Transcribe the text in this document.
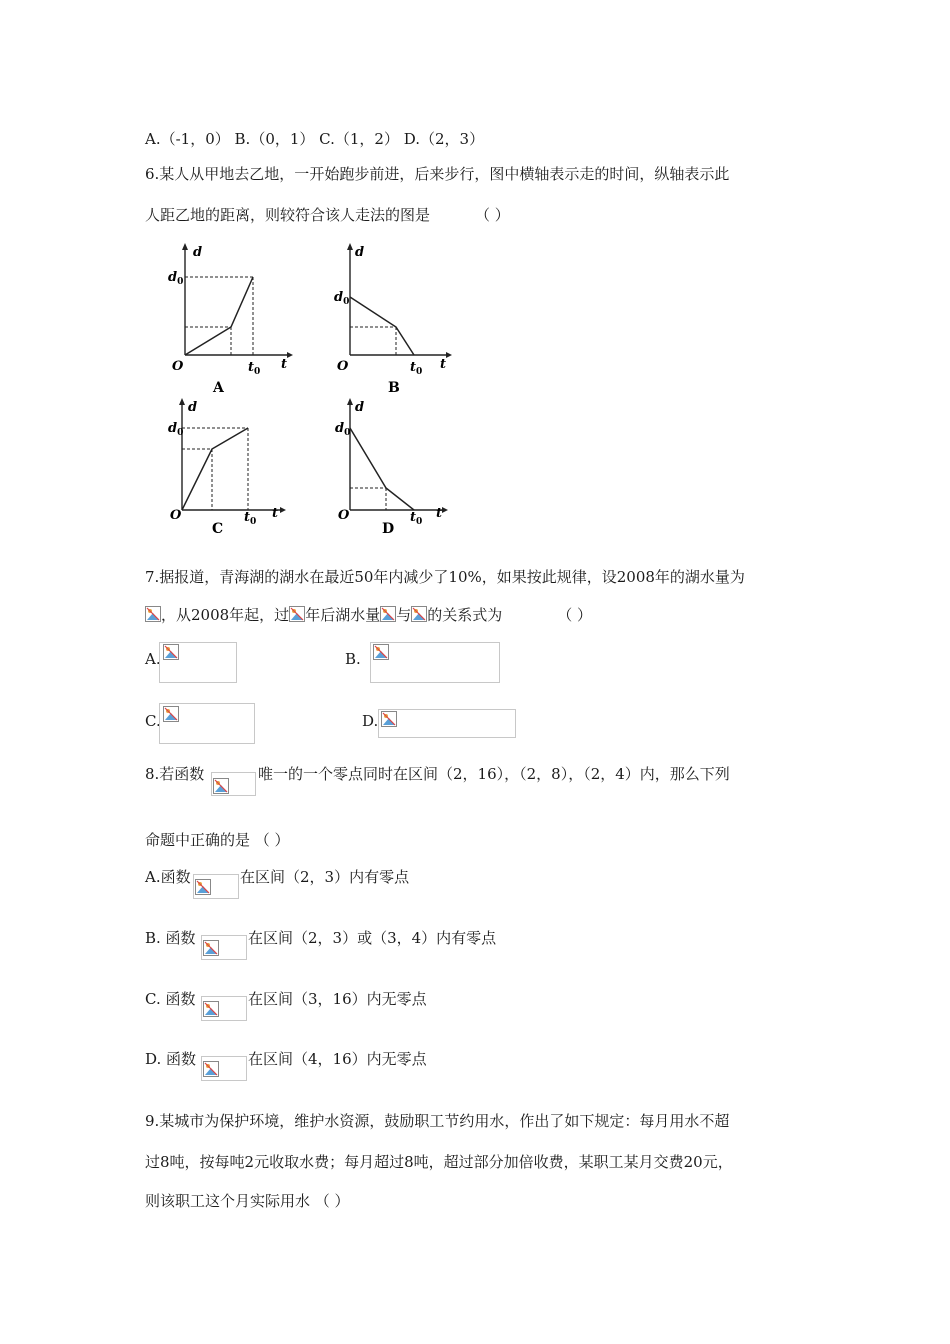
A.（-1，0） B.（0，1） C.（1，2） D.（2，3）
6.某人从甲地去乙地，一开始跑步前进，后来步行，图中横轴表示走的时间，纵轴表示此
人距乙地的距离，则较符合该人走法的图是	（ ）
d
t
O
$d_0$
$t_0$
A
d
t
O
$d_0$
$t_0$
B
d
t
O
$d_0$
$t_0$
C
d
t
O
$d_0$
$t_0$
D
7.据报道，青海湖的湖水在最近50年内减少了10%，如果按此规律，设2008年的湖水量为
，从2008年起，过 年后湖水量 与 的关系式为	（ ）
A.	B.
C.	D.
8.若函数	唯一的一个零点同时在区间（2，16），（2，8），（2，4）内，那么下列
命题中正确的是 （ ）
A.函数	在区间（2，3）内有零点
B. 函数	在区间（2，3）或（3，4）内有零点
C. 函数	在区间（3，16）内无零点
D. 函数	在区间（4，16）内无零点
9.某城市为保护环境，维护水资源，鼓励职工节约用水，作出了如下规定：每月用水不超
过8吨，按每吨2元收取水费；每月超过8吨，超过部分加倍收费，某职工某月交费20元，
则该职工这个月实际用水 （ ）
